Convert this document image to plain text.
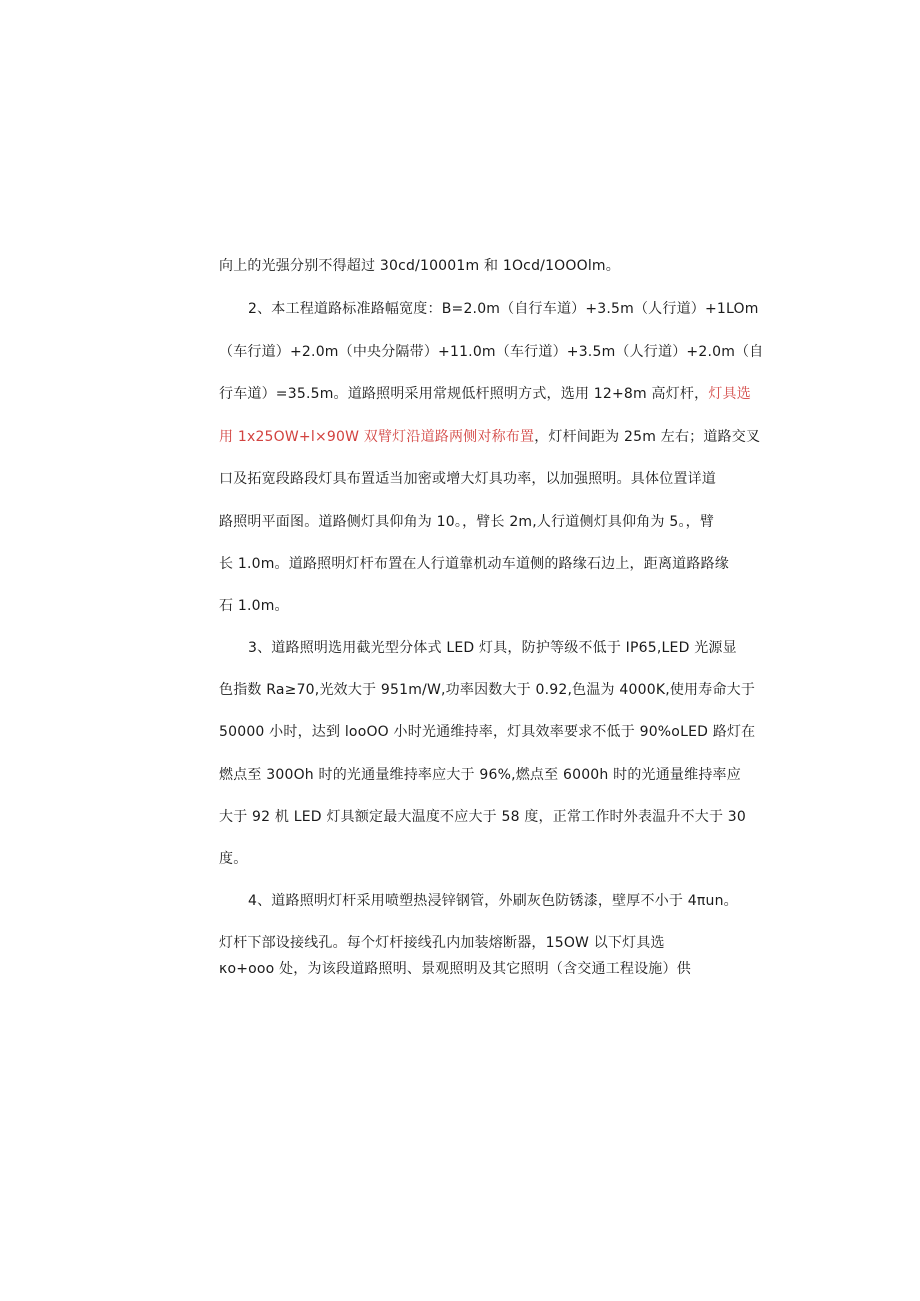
向上的光强分别不得超过 30cd/10001m 和 1Ocd/1OOOlm。
2、本工程道路标准路幅宽度：B=2.0m（自行车道）+3.5m（人行道）+1LOm
（车行道）+2.0m（中央分隔带）+11.0m（车行道）+3.5m（人行道）+2.0m（自
行车道）=35.5m。道路照明采用常规低杆照明方式，选用 12+8m 高灯杆， 灯具选
用 1x25OW+l×90W 双臂灯沿道路两侧对称布置 ，灯杆间距为 25m 左右；道路交叉
口及拓宽段路段灯具布置适当加密或增大灯具功率，以加强照明。具体位置详道
路照明平面图。道路侧灯具仰角为 10。，臂长 2m,人行道侧灯具仰角为 5。，臂
长 1.0m。道路照明灯杆布置在人行道靠机动车道侧的路缘石边上，距离道路路缘
石 1.0m。
3、道路照明选用截光型分体式 LED 灯具，防护等级不低于 IP65,LED 光源显
色指数 Ra≥70,光效大于 951m/W,功率因数大于 0.92,色温为 4000K,使用寿命大于
50000 小时，达到 looOO 小时光通维持率，灯具效率要求不低于 90%oLED 路灯在
燃点至 300Oh 时的光通量维持率应大于 96%,燃点至 6000h 时的光通量维持率应
大于 92 机 LED 灯具额定最大温度不应大于 58 度，正常工作时外表温升不大于 30
度。
4、道路照明灯杆采用喷塑热浸锌钢管，外刷灰色防锈漆，壁厚不小于 4πun。
灯杆下部设接线孔。每个灯杆接线孔内加装熔断器，15OW 以下灯具选
κo+ooo 处，为该段道路照明、景观照明及其它照明（含交通工程设施）供
